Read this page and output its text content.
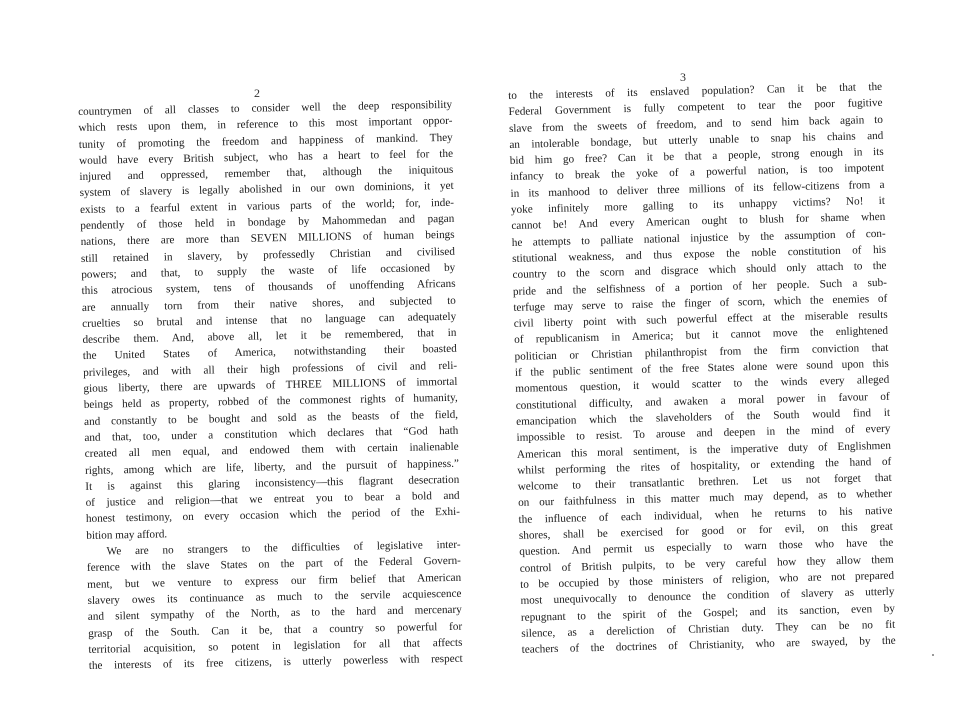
2
countrymen of all classes to consider well the deep responsibility
which rests upon them, in reference to this most important oppor-
tunity of promoting the freedom and happiness of mankind. They
would have every British subject, who has a heart to feel for the
injured and oppressed, remember that, although the iniquitous
system of slavery is legally abolished in our own dominions, it yet
exists to a fearful extent in various parts of the world; for, inde-
pendently of those held in bondage by Mahommedan and pagan
nations, there are more than SEVEN MILLIONS of human beings
still retained in slavery, by professedly Christian and civilised
powers; and that, to supply the waste of life occasioned by
this atrocious system, tens of thousands of unoffending Africans
are annually torn from their native shores, and subjected to
cruelties so brutal and intense that no language can adequately
describe them. And, above all, let it be remembered, that in
the United States of America, notwithstanding their boasted
privileges, and with all their high professions of civil and reli-
gious liberty, there are upwards of THREE MILLIONS of immortal
beings held as property, robbed of the commonest rights of humanity,
and constantly to be bought and sold as the beasts of the field,
and that, too, under a constitution which declares that “God hath
created all men equal, and endowed them with certain inalienable
rights, among which are life, liberty, and the pursuit of happiness.”
It is against this glaring inconsistency—this flagrant desecration
of justice and religion—that we entreat you to bear a bold and
honest testimony, on every occasion which the period of the Exhi-
bition may afford.
We are no strangers to the difficulties of legislative inter-
ference with the slave States on the part of the Federal Govern-
ment, but we venture to express our firm belief that American
slavery owes its continuance as much to the servile acquiescence
and silent sympathy of the North, as to the hard and mercenary
grasp of the South. Can it be, that a country so powerful for
territorial acquisition, so potent in legislation for all that affects
the interests of its free citizens, is utterly powerless with respect
3
to the interests of its enslaved population? Can it be that the
Federal Government is fully competent to tear the poor fugitive
slave from the sweets of freedom, and to send him back again to
an intolerable bondage, but utterly unable to snap his chains and
bid him go free? Can it be that a people, strong enough in its
infancy to break the yoke of a powerful nation, is too impotent
in its manhood to deliver three millions of its fellow-citizens from a
yoke infinitely more galling to its unhappy victims? No! it
cannot be! And every American ought to blush for shame when
he attempts to palliate national injustice by the assumption of con-
stitutional weakness, and thus expose the noble constitution of his
country to the scorn and disgrace which should only attach to the
pride and the selfishness of a portion of her people. Such a sub-
terfuge may serve to raise the finger of scorn, which the enemies of
civil liberty point with such powerful effect at the miserable results
of republicanism in America; but it cannot move the enlightened
politician or Christian philanthropist from the firm conviction that
if the public sentiment of the free States alone were sound upon this
momentous question, it would scatter to the winds every alleged
constitutional difficulty, and awaken a moral power in favour of
emancipation which the slaveholders of the South would find it
impossible to resist. To arouse and deepen in the mind of every
American this moral sentiment, is the imperative duty of Englishmen
whilst performing the rites of hospitality, or extending the hand of
welcome to their transatlantic brethren. Let us not forget that
on our faithfulness in this matter much may depend, as to whether
the influence of each individual, when he returns to his native
shores, shall be exercised for good or for evil, on this great
question. And permit us especially to warn those who have the
control of British pulpits, to be very careful how they allow them
to be occupied by those ministers of religion, who are not prepared
most unequivocally to denounce the condition of slavery as utterly
repugnant to the spirit of the Gospel; and its sanction, even by
silence, as a dereliction of Christian duty. They can be no fit
teachers of the doctrines of Christianity, who are swayed, by the
